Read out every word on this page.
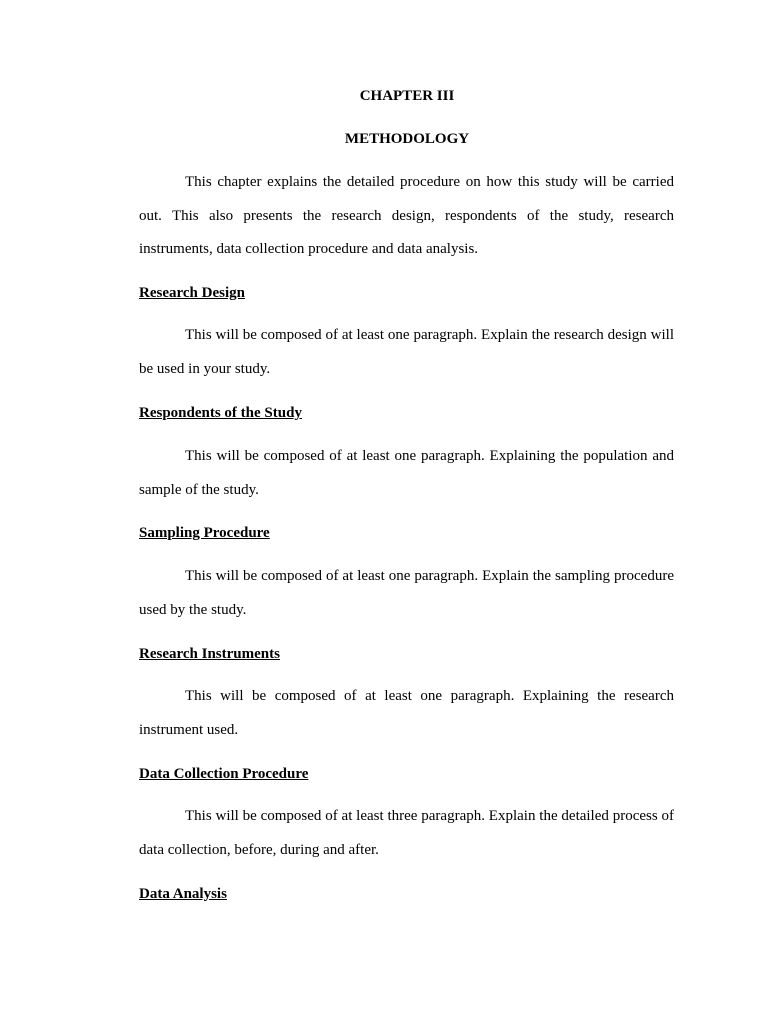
CHAPTER III
METHODOLOGY

This chapter explains the detailed procedure on how this study will be carried out. This also presents the research design, respondents of the study, research instruments, data collection procedure and data analysis.

Research Design

This will be composed of at least one paragraph. Explain the research design will be used in your study.

Respondents of the Study

This will be composed of at least one paragraph. Explaining the population and sample of the study.

Sampling Procedure

This will be composed of at least one paragraph. Explain the sampling procedure used by the study.

Research Instruments

This will be composed of at least one paragraph. Explaining the research instrument used.

Data Collection Procedure

This will be composed of at least three paragraph. Explain the detailed process of data collection, before, during and after.

Data Analysis
